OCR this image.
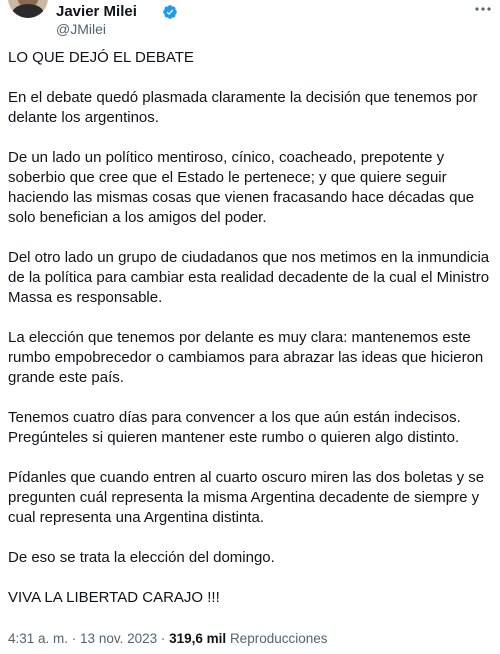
Javier Milei
@JMilei

LO QUE DEJÓ EL DEBATE

En el debate quedó plasmada claramente la decisión que tenemos por
delante los argentinos.

De un lado un político mentiroso, cínico, coacheado, prepotente y
soberbio que cree que el Estado le pertenece; y que quiere seguir
haciendo las mismas cosas que vienen fracasando hace décadas que
solo benefician a los amigos del poder.

Del otro lado un grupo de ciudadanos que nos metimos en la inmundicia
de la política para cambiar esta realidad decadente de la cual el Ministro
Massa es responsable.

La elección que tenemos por delante es muy clara: mantenemos este
rumbo empobrecedor o cambiamos para abrazar las ideas que hicieron
grande este país.

Tenemos cuatro días para convencer a los que aún están indecisos.
Pregúnteles si quieren mantener este rumbo o quieren algo distinto.

Pídanles que cuando entren al cuarto oscuro miren las dos boletas y se
pregunten cuál representa la misma Argentina decadente de siempre y
cual representa una Argentina distinta.

De eso se trata la elección del domingo.

VIVA LA LIBERTAD CARAJO !!!

4:31 a. m. · 13 nov. 2023 · 319,6 mil Reproducciones
